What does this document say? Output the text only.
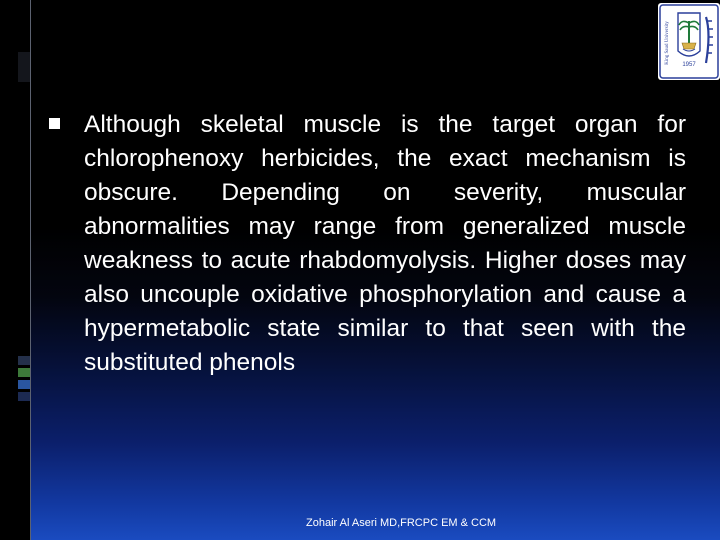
1957
King Saud University

Although skeletal muscle is the target organ for chlorophenoxy herbicides, the exact mechanism is obscure. Depending on severity, muscular abnormalities may range from generalized muscle weakness to acute rhabdomyolysis. Higher doses may also uncouple oxidative phosphorylation and cause a hypermetabolic state similar to that seen with the substituted phenols

Zohair Al Aseri MD,FRCPC EM & CCM
